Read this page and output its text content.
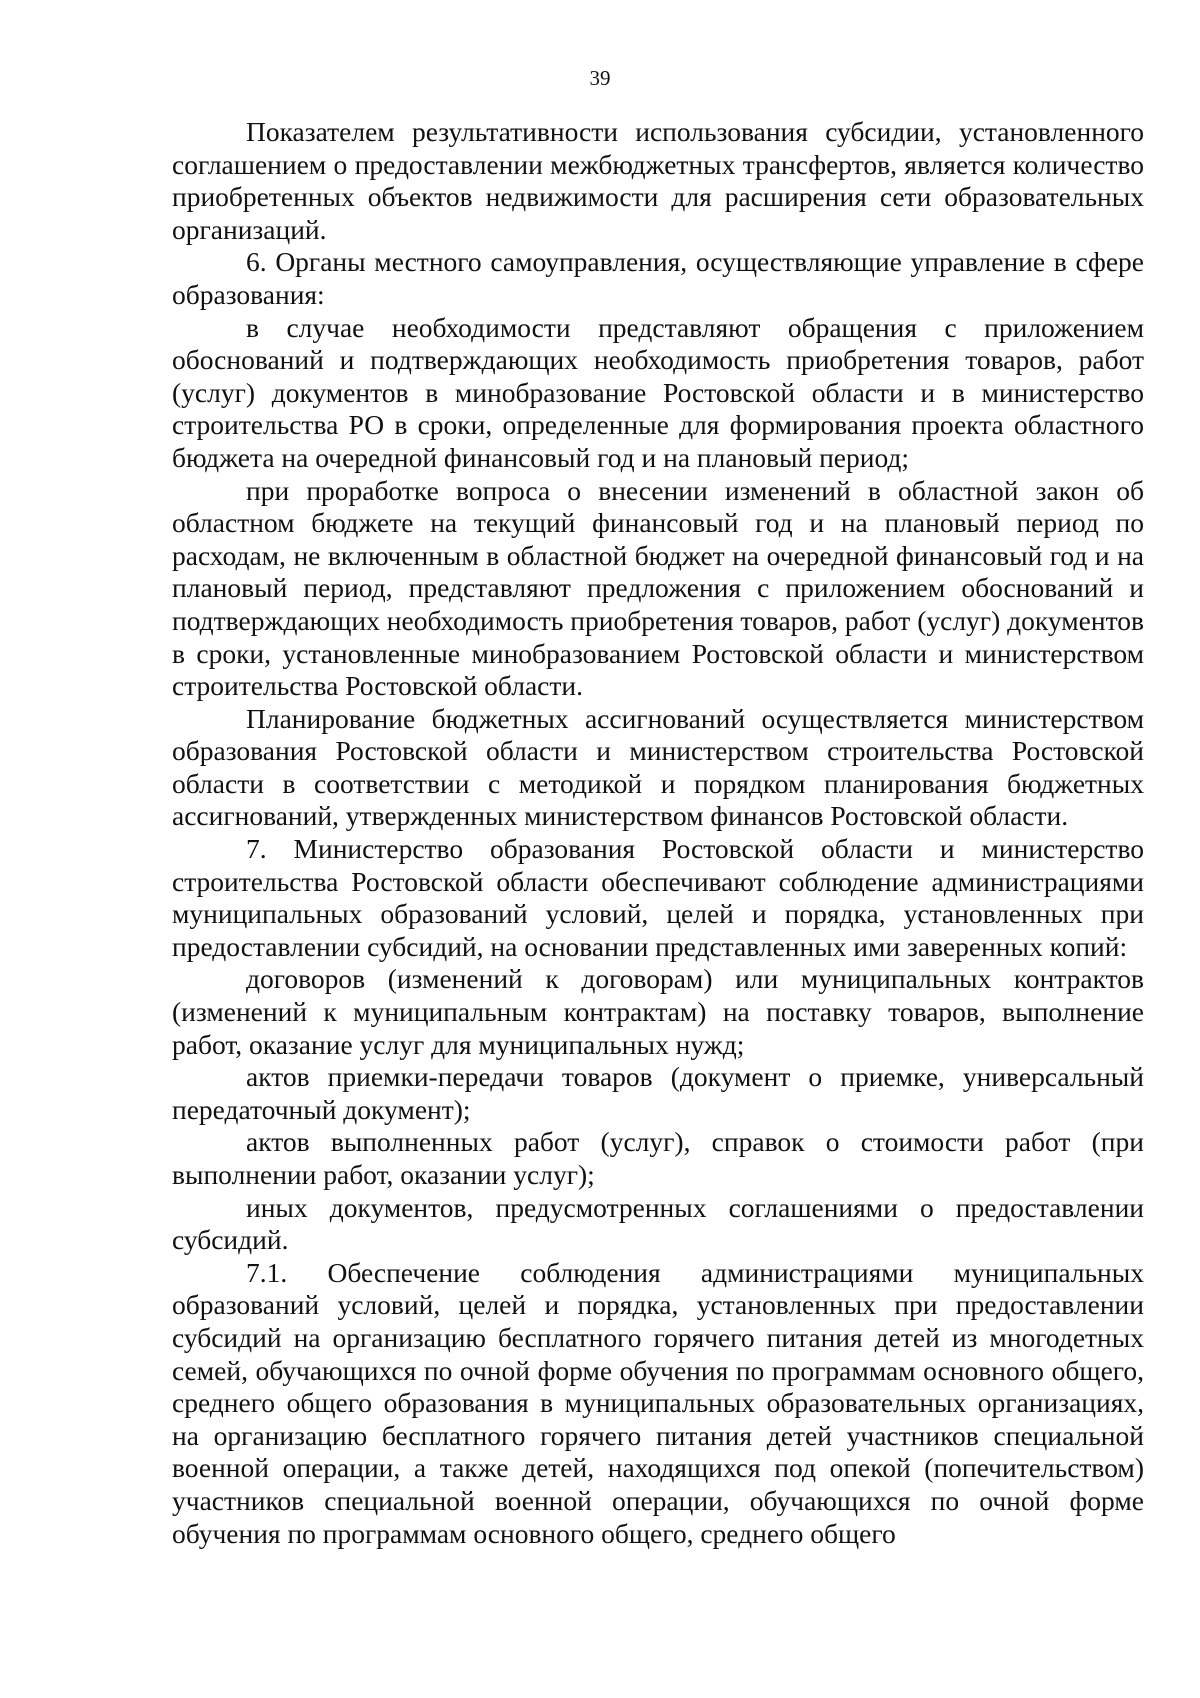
39

Показателем результативности использования субсидии, установленного соглашением о предоставлении межбюджетных трансфертов, является количество приобретенных объектов недвижимости для расширения сети образовательных организаций.

6. Органы местного самоуправления, осуществляющие управление в сфере образования:

в случае необходимости представляют обращения с приложением обоснований и подтверждающих необходимость приобретения товаров, работ (услуг) документов в минобразование Ростовской области и в министерство строительства РО в сроки, определенные для формирования проекта областного бюджета на очередной финансовый год и на плановый период;

при проработке вопроса о внесении изменений в областной закон об областном бюджете на текущий финансовый год и на плановый период по расходам, не включенным в областной бюджет на очередной финансовый год и на плановый период, представляют предложения с приложением обоснований и подтверждающих необходимость приобретения товаров, работ (услуг) документов в сроки, установленные минобразованием Ростовской области и министерством строительства Ростовской области.

Планирование бюджетных ассигнований осуществляется министерством образования Ростовской области и министерством строительства Ростовской области в соответствии с методикой и порядком планирования бюджетных ассигнований, утвержденных министерством финансов Ростовской области.

7. Министерство образования Ростовской области и министерство строительства Ростовской области обеспечивают соблюдение администрациями муниципальных образований условий, целей и порядка, установленных при предоставлении субсидий, на основании представленных ими заверенных копий:

договоров (изменений к договорам) или муниципальных контрактов (изменений к муниципальным контрактам) на поставку товаров, выполнение работ, оказание услуг для муниципальных нужд;

актов приемки-передачи товаров (документ о приемке, универсальный передаточный документ);

актов выполненных работ (услуг), справок о стоимости работ (при выполнении работ, оказании услуг);

иных документов, предусмотренных соглашениями о предоставлении субсидий.

7.1. Обеспечение соблюдения администрациями муниципальных образований условий, целей и порядка, установленных при предоставлении субсидий на организацию бесплатного горячего питания детей из многодетных семей, обучающихся по очной форме обучения по программам основного общего, среднего общего образования в муниципальных образовательных организациях, на организацию бесплатного горячего питания детей участников специальной военной операции, а также детей, находящихся под опекой (попечительством) участников специальной военной операции, обучающихся по очной форме обучения по программам основного общего, среднего общего
